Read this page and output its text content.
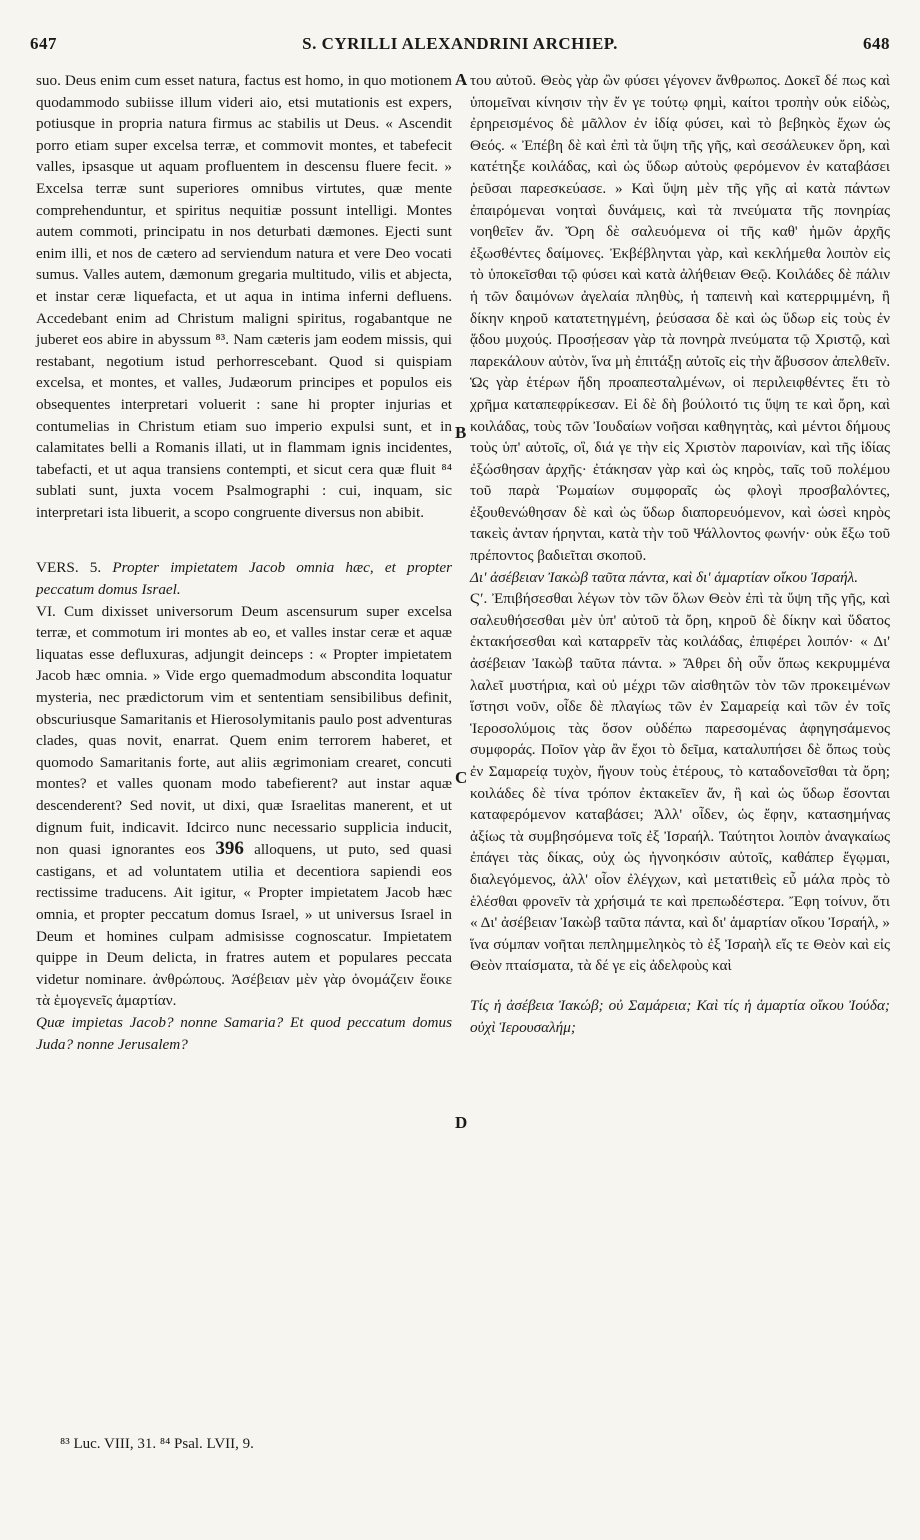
647	S. CYRILLI ALEXANDRINI ARCHIEP.	648

suo. Deus enim cum esset natura, factus est homo, in quo motionem quodammodo subiisse illum videri aio, etsi mutationis est expers, potiusque in propria natura firmus ac stabilis ut Deus. « Ascendit porro etiam super excelsa terræ, et commovit montes, et tabefecit valles, ipsasque ut aquam profluentem in descensu fluere fecit. » Excelsa terræ sunt superiores omnibus virtutes, quæ mente comprehenduntur, et spiritus nequitiæ possunt intelligi. Montes autem commoti, principatu in nos deturbati dæmones. Ejecti sunt enim illi, et nos de cætero ad serviendum natura et vere Deo vocati sumus. Valles autem, dæmonum gregaria multitudo, vilis et abjecta, et instar ceræ liquefacta, et ut aqua in intima inferni defluens. Accedebant enim ad Christum maligni spiritus, rogabantque ne juberet eos abire in abyssum ⁸³. Nam cæteris jam eodem missis, qui restabant, negotium istud perhorrescebant. Quod si quispiam excelsa, et montes, et valles, Judæorum principes et populos eis obsequentes interpretari voluerit : sane hi propter injurias et contumelias in Christum etiam suo imperio expulsi sunt, et in calamitates belli a Romanis illati, ut in flammam ignis incidentes, tabefacti, et ut aqua transiens contempti, et sicut cera quæ fluit ⁸⁴ sublati sunt, juxta vocem Psalmographi : cui, inquam, sic interpretari ista libuerit, a scopo congruente diversus non abibit.

VERS. 5. Propter impietatem Jacob omnia hæc, et propter peccatum domus Israel.

VI. Cum dixisset universorum Deum ascensurum super excelsa terræ, et commotum iri montes ab eo, et valles instar ceræ et aquæ liquatas esse defluxuras, adjungit deinceps : « Propter impietatem Jacob hæc omnia. » Vide ergo quemadmodum abscondita loquatur mysteria, nec prædictorum vim et sententiam sensibilibus definit, obscuriusque Samaritanis et Hierosolymitanis paulo post adventuras clades, quas novit, enarrat. Quem enim terrorem haberet, et quomodo Samaritanis forte, aut aliis ægrimoniam crearet, concuti montes? et valles quonam modo tabefierent? aut instar aquæ descenderent? Sed novit, ut dixi, quæ Israelitas manerent, et ut dignum fuit, indicavit. Idcirco nunc necessario supplicia inducit, non quasi ignorantes eos 396 alloquens, ut puto, sed quasi castigans, et ad voluntatem utilia et decentiora sapiendi eos rectissime traducens. Ait igitur, « Propter impietatem Jacob hæc omnia, et propter peccatum domus Israel, » ut universus Israel in Deum et homines culpam admisisse cognoscatur. Impietatem quippe in Deum delicta, in fratres autem et populares peccata videtur nominare. ἀνθρώπους. Ἀσέβειαν μὲν γὰρ ὀνομάζειν ἔοικε τὰ ἑμογενεῖς ἁμαρτίαν.

Quæ impietas Jacob? nonne Samaria? Et quod peccatum domus Juda? nonne Jerusalem?

του αὐτοῦ. Θεὸς γὰρ ὢν φύσει γέγονεν ἄνθρωπος. Δοκεῖ δέ πως καὶ ὑπομεῖναι κίνησιν τὴν ἔν γε τούτῳ φημὶ, καίτοι τροπὴν οὐκ εἰδὼς, ἐρηρεισμένος δὲ μᾶλλον ἐν ἰδίᾳ φύσει, καὶ τὸ βεβηκὸς ἔχων ὡς Θεός. « Ἐπέβη δὲ καὶ ἐπὶ τὰ ὕψη τῆς γῆς, καὶ σεσάλευκεν ὄρη, καὶ κατέτηξε κοιλάδας, καὶ ὡς ὕδωρ αὐτοὺς φερόμενον ἐν καταβάσει ῥεῦσαι παρεσκεύασε. » Καὶ ὕψη μὲν τῆς γῆς αἱ κατὰ πάντων ἐπαιρόμεναι νοηταὶ δυνάμεις, καὶ τὰ πνεύματα τῆς πονηρίας νοηθεῖεν ἄν. Ὄρη δὲ σαλευόμενα οἱ τῆς καθ' ἡμῶν ἀρχῆς ἐξωσθέντες δαίμονες. Ἐκβέβληνται γὰρ, καὶ κεκλήμεθα λοιπὸν εἰς τὸ ὑποκεῖσθαι τῷ φύσει καὶ κατὰ ἀλήθειαν Θεῷ. Κοιλάδες δὲ πάλιν ἡ τῶν δαιμόνων ἀγελαία πληθὺς, ἡ ταπεινὴ καὶ κατερριμμένη, ἢ δίκην κηροῦ κατατετηγμένη, ῥεύσασα δὲ καὶ ὡς ὕδωρ εἰς τοὺς ἐν ᾅδου μυχούς. Προσῄεσαν γὰρ τὰ πονηρὰ πνεύματα τῷ Χριστῷ, καὶ παρεκάλουν αὐτὸν, ἵνα μὴ ἐπιτάξῃ αὐτοῖς εἰς τὴν ἄβυσσον ἀπελθεῖν. Ὡς γὰρ ἑτέρων ἤδη προαπεσταλμένων, οἱ περιλειφθέντες ἔτι τὸ χρῆμα καταπεφρίκεσαν. Εἰ δὲ δὴ βούλοιτό τις ὕψη τε καὶ ὄρη, καὶ κοιλάδας, τοὺς τῶν Ἰουδαίων νοῆσαι καθηγητὰς, καὶ μέντοι δήμους τοὺς ὑπ' αὐτοῖς, οἳ, διά γε τὴν εἰς Χριστὸν παροινίαν, καὶ τῆς ἰδίας ἐξώσθησαν ἀρχῆς· ἐτάκησαν γὰρ καὶ ὡς κηρὸς, ταῖς τοῦ πολέμου τοῦ παρὰ Ῥωμαίων συμφοραῖς ὡς φλογὶ προσβαλόντες, ἐξουθενώθησαν δὲ καὶ ὡς ὕδωρ διαπορευόμενον, καὶ ὡσεὶ κηρὸς τακεὶς ἀνταν ήρηνται, κατὰ τὴν τοῦ Ψάλλοντος φωνήν· οὐκ ἔξω τοῦ πρέποντος βαδιεῖται σκοποῦ.

Δι' ἀσέβειαν Ἰακὼβ ταῦτα πάντα, καὶ δι' ἁμαρτίαν οἴκου Ἰσραήλ.

Ϛʹ. Ἐπιβήσεσθαι λέγων τὸν τῶν ὅλων Θεὸν ἐπὶ τὰ ὕψη τῆς γῆς, καὶ σαλευθήσεσθαι μὲν ὑπ' αὐτοῦ τὰ ὄρη, κηροῦ δὲ δίκην καὶ ὕδατος ἐκτακήσεσθαι καὶ καταρρεῖν τὰς κοιλάδας, ἐπιφέρει λοιπόν· « Δι' ἀσέβειαν Ἰακὼβ ταῦτα πάντα. » Ἄθρει δὴ οὖν ὅπως κεκρυμμένα λαλεῖ μυστήρια, καὶ οὐ μέχρι τῶν αἰσθητῶν τὸν τῶν προκειμένων ἵστησι νοῦν, οἶδε δὲ πλαγίως τῶν ἐν Σαμαρείᾳ καὶ τῶν ἐν τοῖς Ἱεροσολύμοις τὰς ὅσον οὐδέπω παρεσομένας ἀφηγησάμενος συμφοράς. Ποῖον γὰρ ἂν ἔχοι τὸ δεῖμα, καταλυπήσει δὲ ὅπως τοὺς ἐν Σαμαρείᾳ τυχὸν, ἤγουν τοὺς ἑτέρους, τὸ καταδονεῖσθαι τὰ ὄρη; κοιλάδες δὲ τίνα τρόπον ἐκτακεῖεν ἄν, ἢ καὶ ὡς ὕδωρ ἔσονται καταφερόμενον καταβάσει; Ἀλλ' οἶδεν, ὡς ἔφην, κατασημήνας ἀξίως τὰ συμβησόμενα τοῖς ἐξ Ἰσραήλ. Ταύτητοι λοιπὸν ἀναγκαίως ἐπάγει τὰς δίκας, οὐχ ὡς ἠγνοηκόσιν αὐτοῖς, καθάπερ ἔγῳμαι, διαλεγόμενος, ἀλλ' οἷον ἐλέγχων, καὶ μετατιθεὶς εὖ μάλα πρὸς τὸ ἑλέσθαι φρονεῖν τὰ χρήσιμά τε καὶ πρεπωδέστερα. Ἔφη τοίνυν, ὅτι « Δι' ἀσέβειαν Ἰακὼβ ταῦτα πάντα, καὶ δι' ἁμαρτίαν οἴκου Ἰσραήλ, » ἵνα σύμπαν νοῆται πεπλημμεληκὸς τὸ ἐξ Ἰσραὴλ εἴς τε Θεὸν καὶ εἰς Θεὸν πταίσματα, τὰ δέ γε εἰς ἀδελφοὺς καὶ

Τίς ἡ ἀσέβεια Ἰακώβ; οὐ Σαμάρεια; Καὶ τίς ἡ ἁμαρτία οἴκου Ἰούδα; οὐχὶ Ἱερουσαλήμ;

A
B
C
D
⁸³ Luc. VIII, 31. ⁸⁴ Psal. LVII, 9.
